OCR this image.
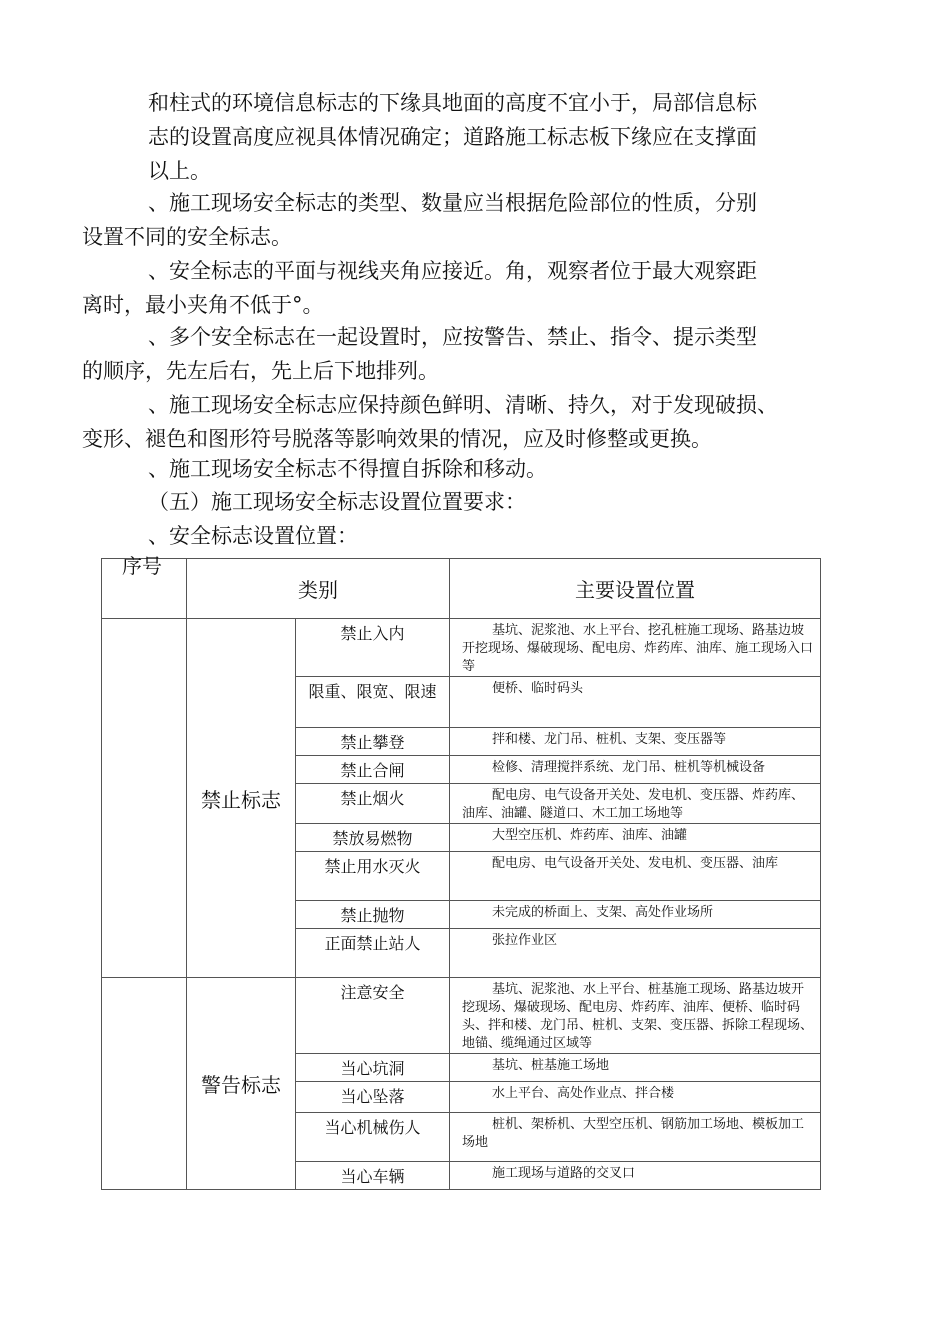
和柱式的环境信息标志的下缘具地面的高度不宜小于，局部信息标
志的设置高度应视具体情况确定；道路施工标志板下缘应在支撑面
以上。
、施工现场安全标志的类型、数量应当根据危险部位的性质，分别
设置不同的安全标志。
、安全标志的平面与视线夹角应接近。角，观察者位于最大观察距
离时，最小夹角不低于°。
、多个安全标志在一起设置时，应按警告、禁止、指令、提示类型
的顺序，先左后右，先上后下地排列。
、施工现场安全标志应保持颜色鲜明、清晰、持久，对于发现破损、
变形、褪色和图形符号脱落等影响效果的情况，应及时修整或更换。
、施工现场安全标志不得擅自拆除和移动。
（五）施工现场安全标志设置位置要求：
、安全标志设置位置：
序号	类别		主要设置位置
	禁止标志	禁止入内	基坑、泥浆池、水上平台、挖孔桩施工现场、路基边坡开挖现场、爆破现场、配电房、炸药库、油库、施工现场入口等
		限重、限宽、限速	便桥、临时码头
		禁止攀登	拌和楼、龙门吊、桩机、支架、变压器等
		禁止合闸	检修、清理搅拌系统、龙门吊、桩机等机械设备
		禁止烟火	配电房、电气设备开关处、发电机、变压器、炸药库、油库、油罐、隧道口、木工加工场地等
		禁放易燃物	大型空压机、炸药库、油库、油罐
		禁止用水灭火	配电房、电气设备开关处、发电机、变压器、油库
		禁止抛物	未完成的桥面上、支架、高处作业场所
		正面禁止站人	张拉作业区
	警告标志	注意安全	基坑、泥浆池、水上平台、桩基施工现场、路基边坡开挖现场、爆破现场、配电房、炸药库、油库、便桥、临时码头、拌和楼、龙门吊、桩机、支架、变压器、拆除工程现场、地锚、缆绳通过区域等
		当心坑洞	基坑、桩基施工场地
		当心坠落	水上平台、高处作业点、拌合楼
		当心机械伤人	桩机、架桥机、大型空压机、钢筋加工场地、模板加工场地
		当心车辆	施工现场与道路的交叉口
